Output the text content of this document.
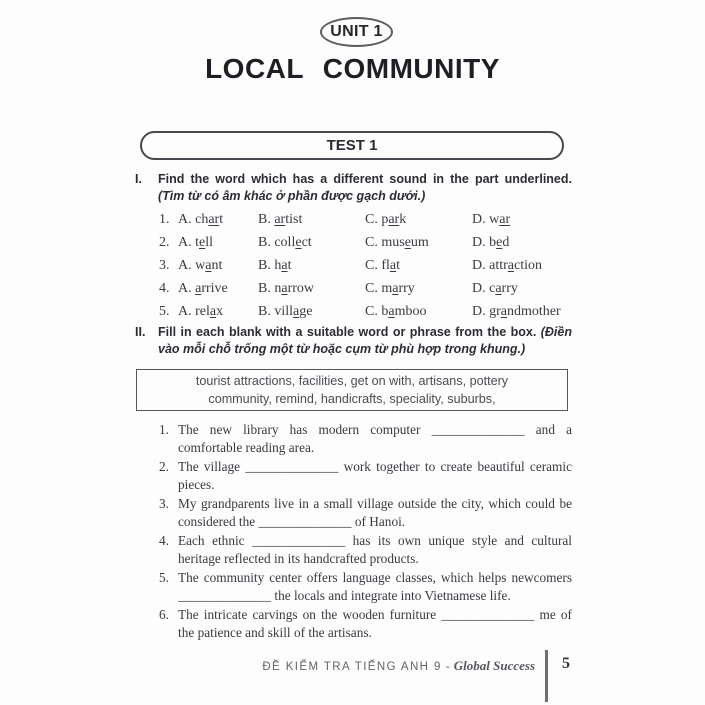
UNIT 1
LOCAL COMMUNITY
TEST 1
I. Find the word which has a different sound in the part underlined. (Tìm từ có âm khác ở phần được gạch dưới.)
1. A. chart	B. artist	C. park	D. war
2. A. tell	B. collect	C. museum	D. bed
3. A. want	B. hat	C. flat	D. attraction
4. A. arrive	B. narrow	C. marry	D. carry
5. A. relax	B. village	C. bamboo	D. grandmother
II. Fill in each blank with a suitable word or phrase from the box. (Điền vào mỗi chỗ trống một từ hoặc cụm từ phù hợp trong khung.)
tourist attractions, facilities, get on with, artisans, pottery
community, remind, handicrafts, speciality, suburbs,
1. The new library has modern computer ______________ and a comfortable reading area.
2. The village ______________ work together to create beautiful ceramic pieces.
3. My grandparents live in a small village outside the city, which could be considered the ______________ of Hanoi.
4. Each ethnic ______________ has its own unique style and cultural heritage reflected in its handcrafted products.
5. The community center offers language classes, which helps newcomers ______________ the locals and integrate into Vietnamese life.
6. The intricate carvings on the wooden furniture ______________ me of the patience and skill of the artisans.
ĐỀ KIỂM TRA TIẾNG ANH 9 - Global Success	5
